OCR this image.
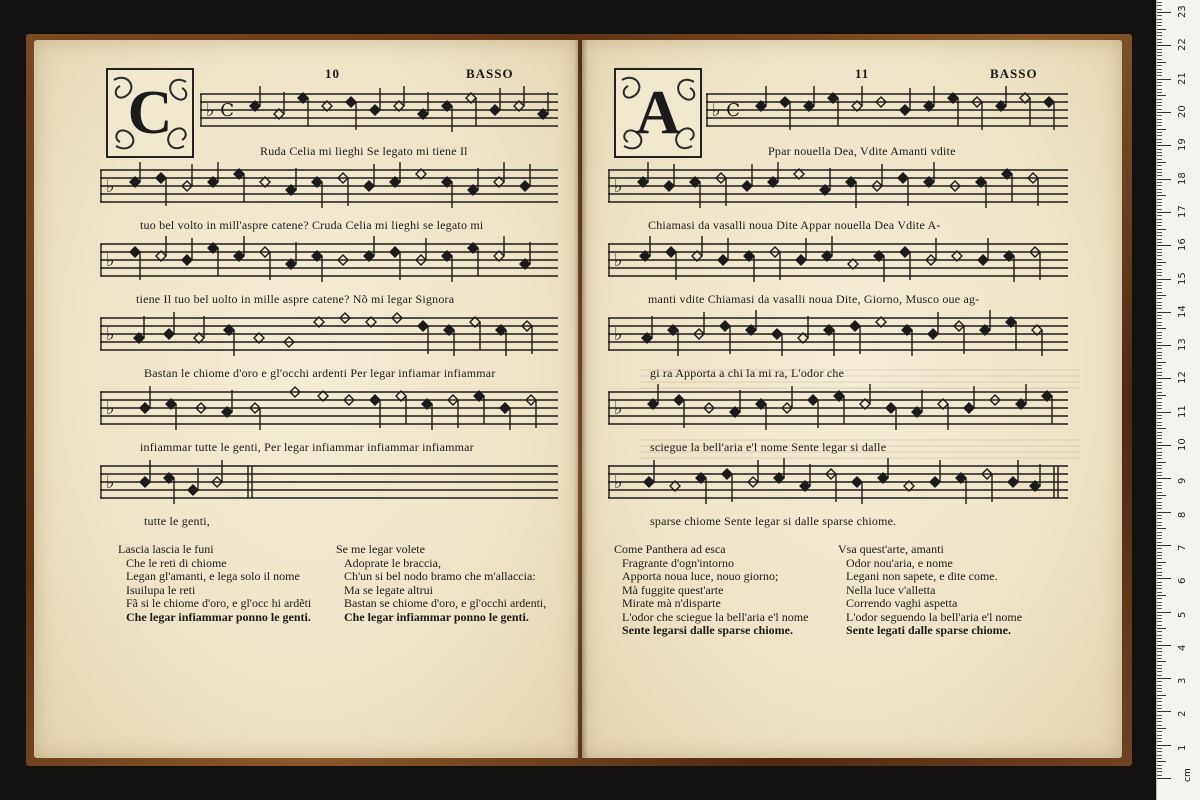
10	BASSO
C ♭ C
Ruda Celia mi lieghi Se legato mi tiene Il
♭
tuo bel volto in mill'aspre catene? Cruda Celia mi lieghi se legato mi
♭
tiene Il tuo bel uolto in mille aspre catene? Nõ mi legar Signora
♭
Bastan le chiome d'oro e gl'occhi ardenti Per legar infiamar infiammar
♭
infiammar tutte le genti, Per legar infiammar infiammar infiammar
♭
tutte le genti,
Lascia lascia le funi
Che le reti di chiome
Legan gl'amanti, e lega solo il nome
Isuilupa le reti
Fã si le chiome d'oro, e gl'occ hi ardẽti
Che legar infiammar ponno le genti.
Se me legar volete
Adoprate le braccia,
Ch'un si bel nodo bramo che m'allaccia:
Ma se legate altrui
Bastan se chiome d'oro, e gl'occhi ardenti,
Che legar infiammar ponno le genti.
11	BASSO
A ♭ C
Ppar nouella Dea, Vdite Amanti vdite
♭
Chiamasi da vasalli noua Dite Appar nouella Dea Vdite A-
♭
manti vdite Chiamasi da vasalli noua Dite, Giorno, Musco oue ag-
♭
gi ra Apporta a chi la mi ra, L'odor che
♭
sciegue la bell'aria e'l nome Sente legar si dalle
♭
sparse chiome Sente legar si dalle sparse chiome.
Come Panthera ad esca
Fragrante d'ogn'intorno
Apporta noua luce, nouo giorno;
Mà fuggite quest'arte
Mirate mà n'disparte
L'odor che sciegue la bell'aria e'l nome
Sente legarsi dalle sparse chiome.
Vsa quest'arte, amanti
Odor nou'aria, e nome
Legani non sapete, e dite come.
Nella luce v'alletta
Correndo vaghi aspetta
L'odor seguendo la bell'aria e'l nome
Sente legati dalle sparse chiome.
cm
1
2
3
4
5
6
7
8
9
10
11
12
13
14
15
16
17
18
19
20
21
22
23
